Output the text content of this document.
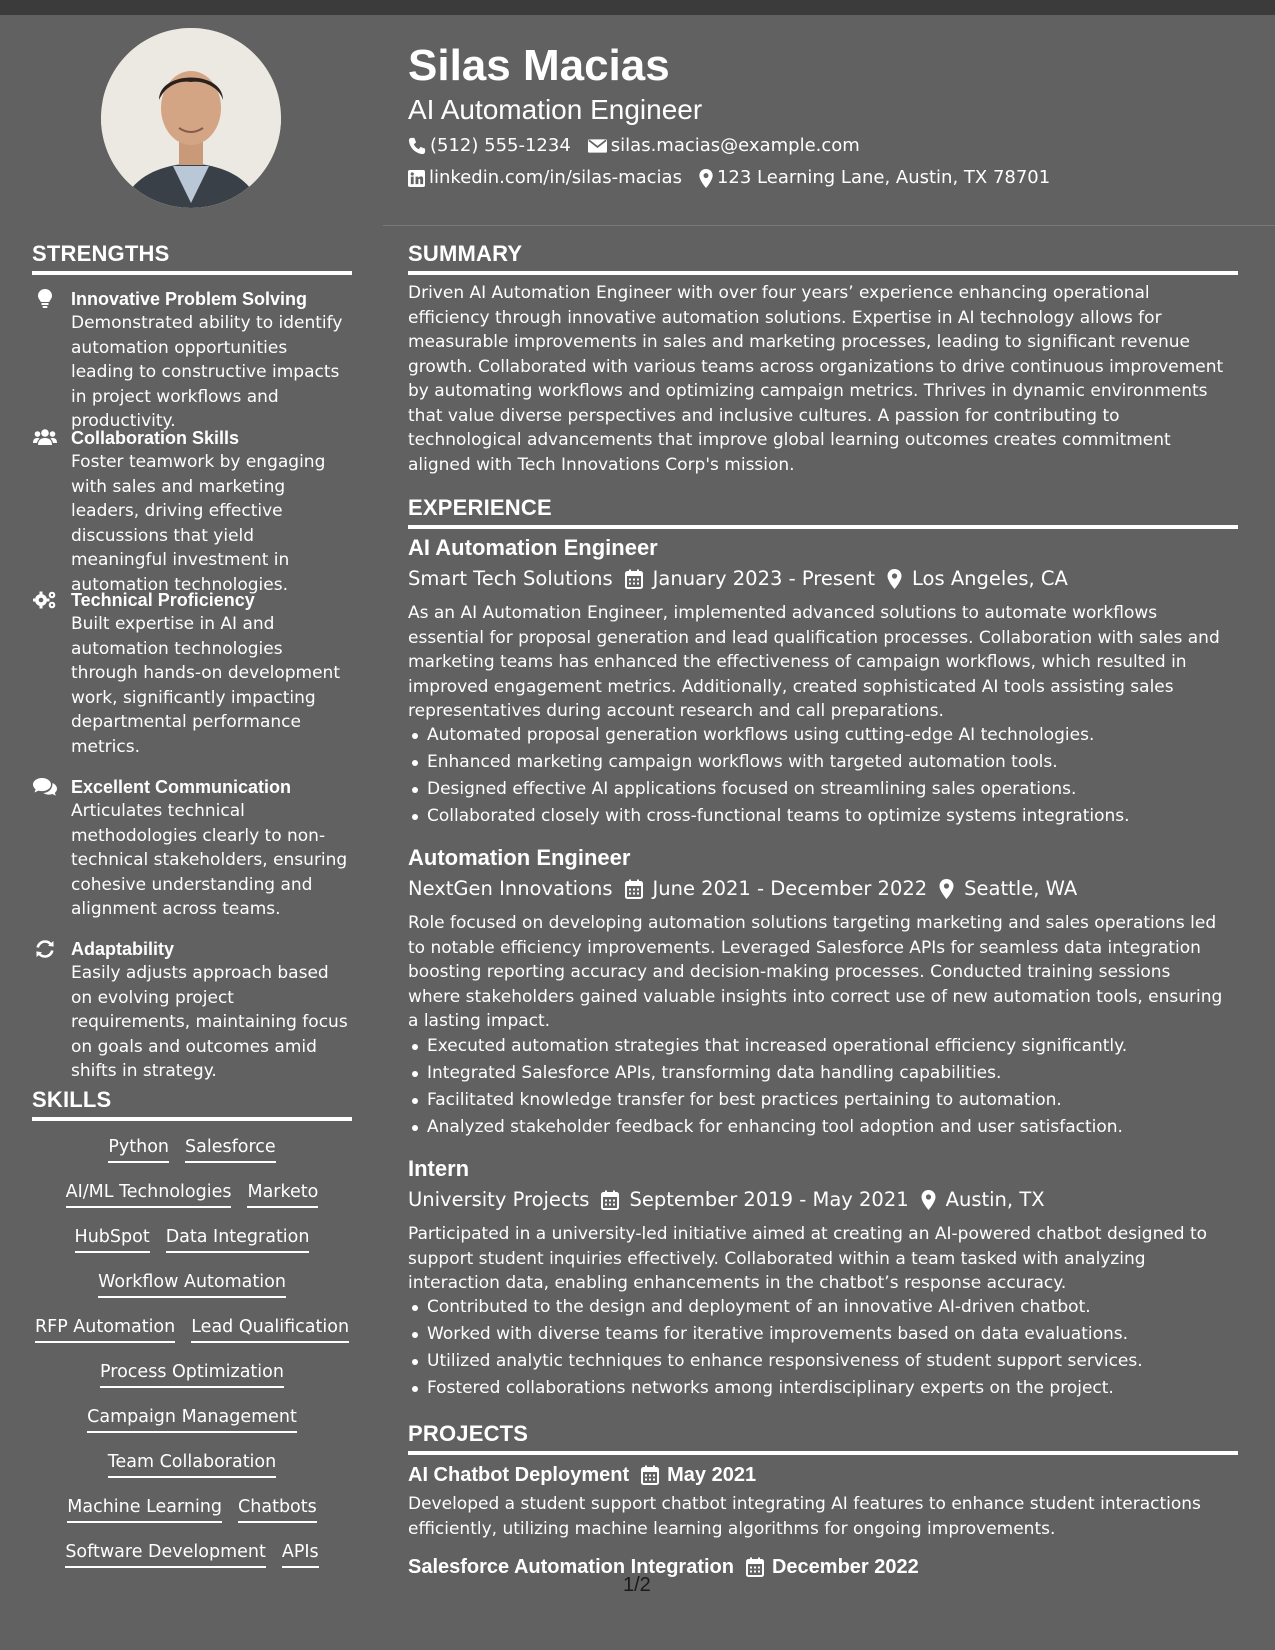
Silas Macias
AI Automation Engineer
(512) 555-1234 silas.macias@example.com
linkedin.com/in/silas-macias 123 Learning Lane, Austin, TX 78701
STRENGTHS
Innovative Problem Solving
Demonstrated ability to identify automation opportunities leading to constructive impacts in project workflows and productivity.
Collaboration Skills
Foster teamwork by engaging with sales and marketing leaders, driving effective discussions that yield meaningful investment in automation technologies.
Technical Proficiency
Built expertise in AI and automation technologies through hands-on development work, significantly impacting departmental performance metrics.
Excellent Communication
Articulates technical methodologies clearly to non-technical stakeholders, ensuring cohesive understanding and alignment across teams.
Adaptability
Easily adjusts approach based on evolving project requirements, maintaining focus on goals and outcomes amid shifts in strategy.
SKILLS
Python Salesforce
AI/ML Technologies Marketo
HubSpot Data Integration
Workflow Automation
RFP Automation Lead Qualification
Process Optimization
Campaign Management
Team Collaboration
Machine Learning Chatbots
Software Development APIs
SUMMARY
Driven AI Automation Engineer with over four years’ experience enhancing operational efficiency through innovative automation solutions. Expertise in AI technology allows for measurable improvements in sales and marketing processes, leading to significant revenue growth. Collaborated with various teams across organizations to drive continuous improvement by automating workflows and optimizing campaign metrics. Thrives in dynamic environments that value diverse perspectives and inclusive cultures. A passion for contributing to technological advancements that improve global learning outcomes creates commitment aligned with Tech Innovations Corp's mission.
EXPERIENCE
AI Automation Engineer
Smart Tech Solutions January 2023 - Present Los Angeles, CA
As an AI Automation Engineer, implemented advanced solutions to automate workflows essential for proposal generation and lead qualification processes. Collaboration with sales and marketing teams has enhanced the effectiveness of campaign workflows, which resulted in improved engagement metrics. Additionally, created sophisticated AI tools assisting sales representatives during account research and call preparations.
Automated proposal generation workflows using cutting-edge AI technologies.
Enhanced marketing campaign workflows with targeted automation tools.
Designed effective AI applications focused on streamlining sales operations.
Collaborated closely with cross-functional teams to optimize systems integrations.
Automation Engineer
NextGen Innovations June 2021 - December 2022 Seattle, WA
Role focused on developing automation solutions targeting marketing and sales operations led to notable efficiency improvements. Leveraged Salesforce APIs for seamless data integration boosting reporting accuracy and decision-making processes. Conducted training sessions where stakeholders gained valuable insights into correct use of new automation tools, ensuring a lasting impact.
Executed automation strategies that increased operational efficiency significantly.
Integrated Salesforce APIs, transforming data handling capabilities.
Facilitated knowledge transfer for best practices pertaining to automation.
Analyzed stakeholder feedback for enhancing tool adoption and user satisfaction.
Intern
University Projects September 2019 - May 2021 Austin, TX
Participated in a university-led initiative aimed at creating an AI-powered chatbot designed to support student inquiries effectively. Collaborated within a team tasked with analyzing interaction data, enabling enhancements in the chatbot’s response accuracy.
Contributed to the design and deployment of an innovative AI-driven chatbot.
Worked with diverse teams for iterative improvements based on data evaluations.
Utilized analytic techniques to enhance responsiveness of student support services.
Fostered collaborations networks among interdisciplinary experts on the project.
PROJECTS
AI Chatbot Deployment May 2021
Developed a student support chatbot integrating AI features to enhance student interactions efficiently, utilizing machine learning algorithms for ongoing improvements.
Salesforce Automation Integration December 2022
1/2
